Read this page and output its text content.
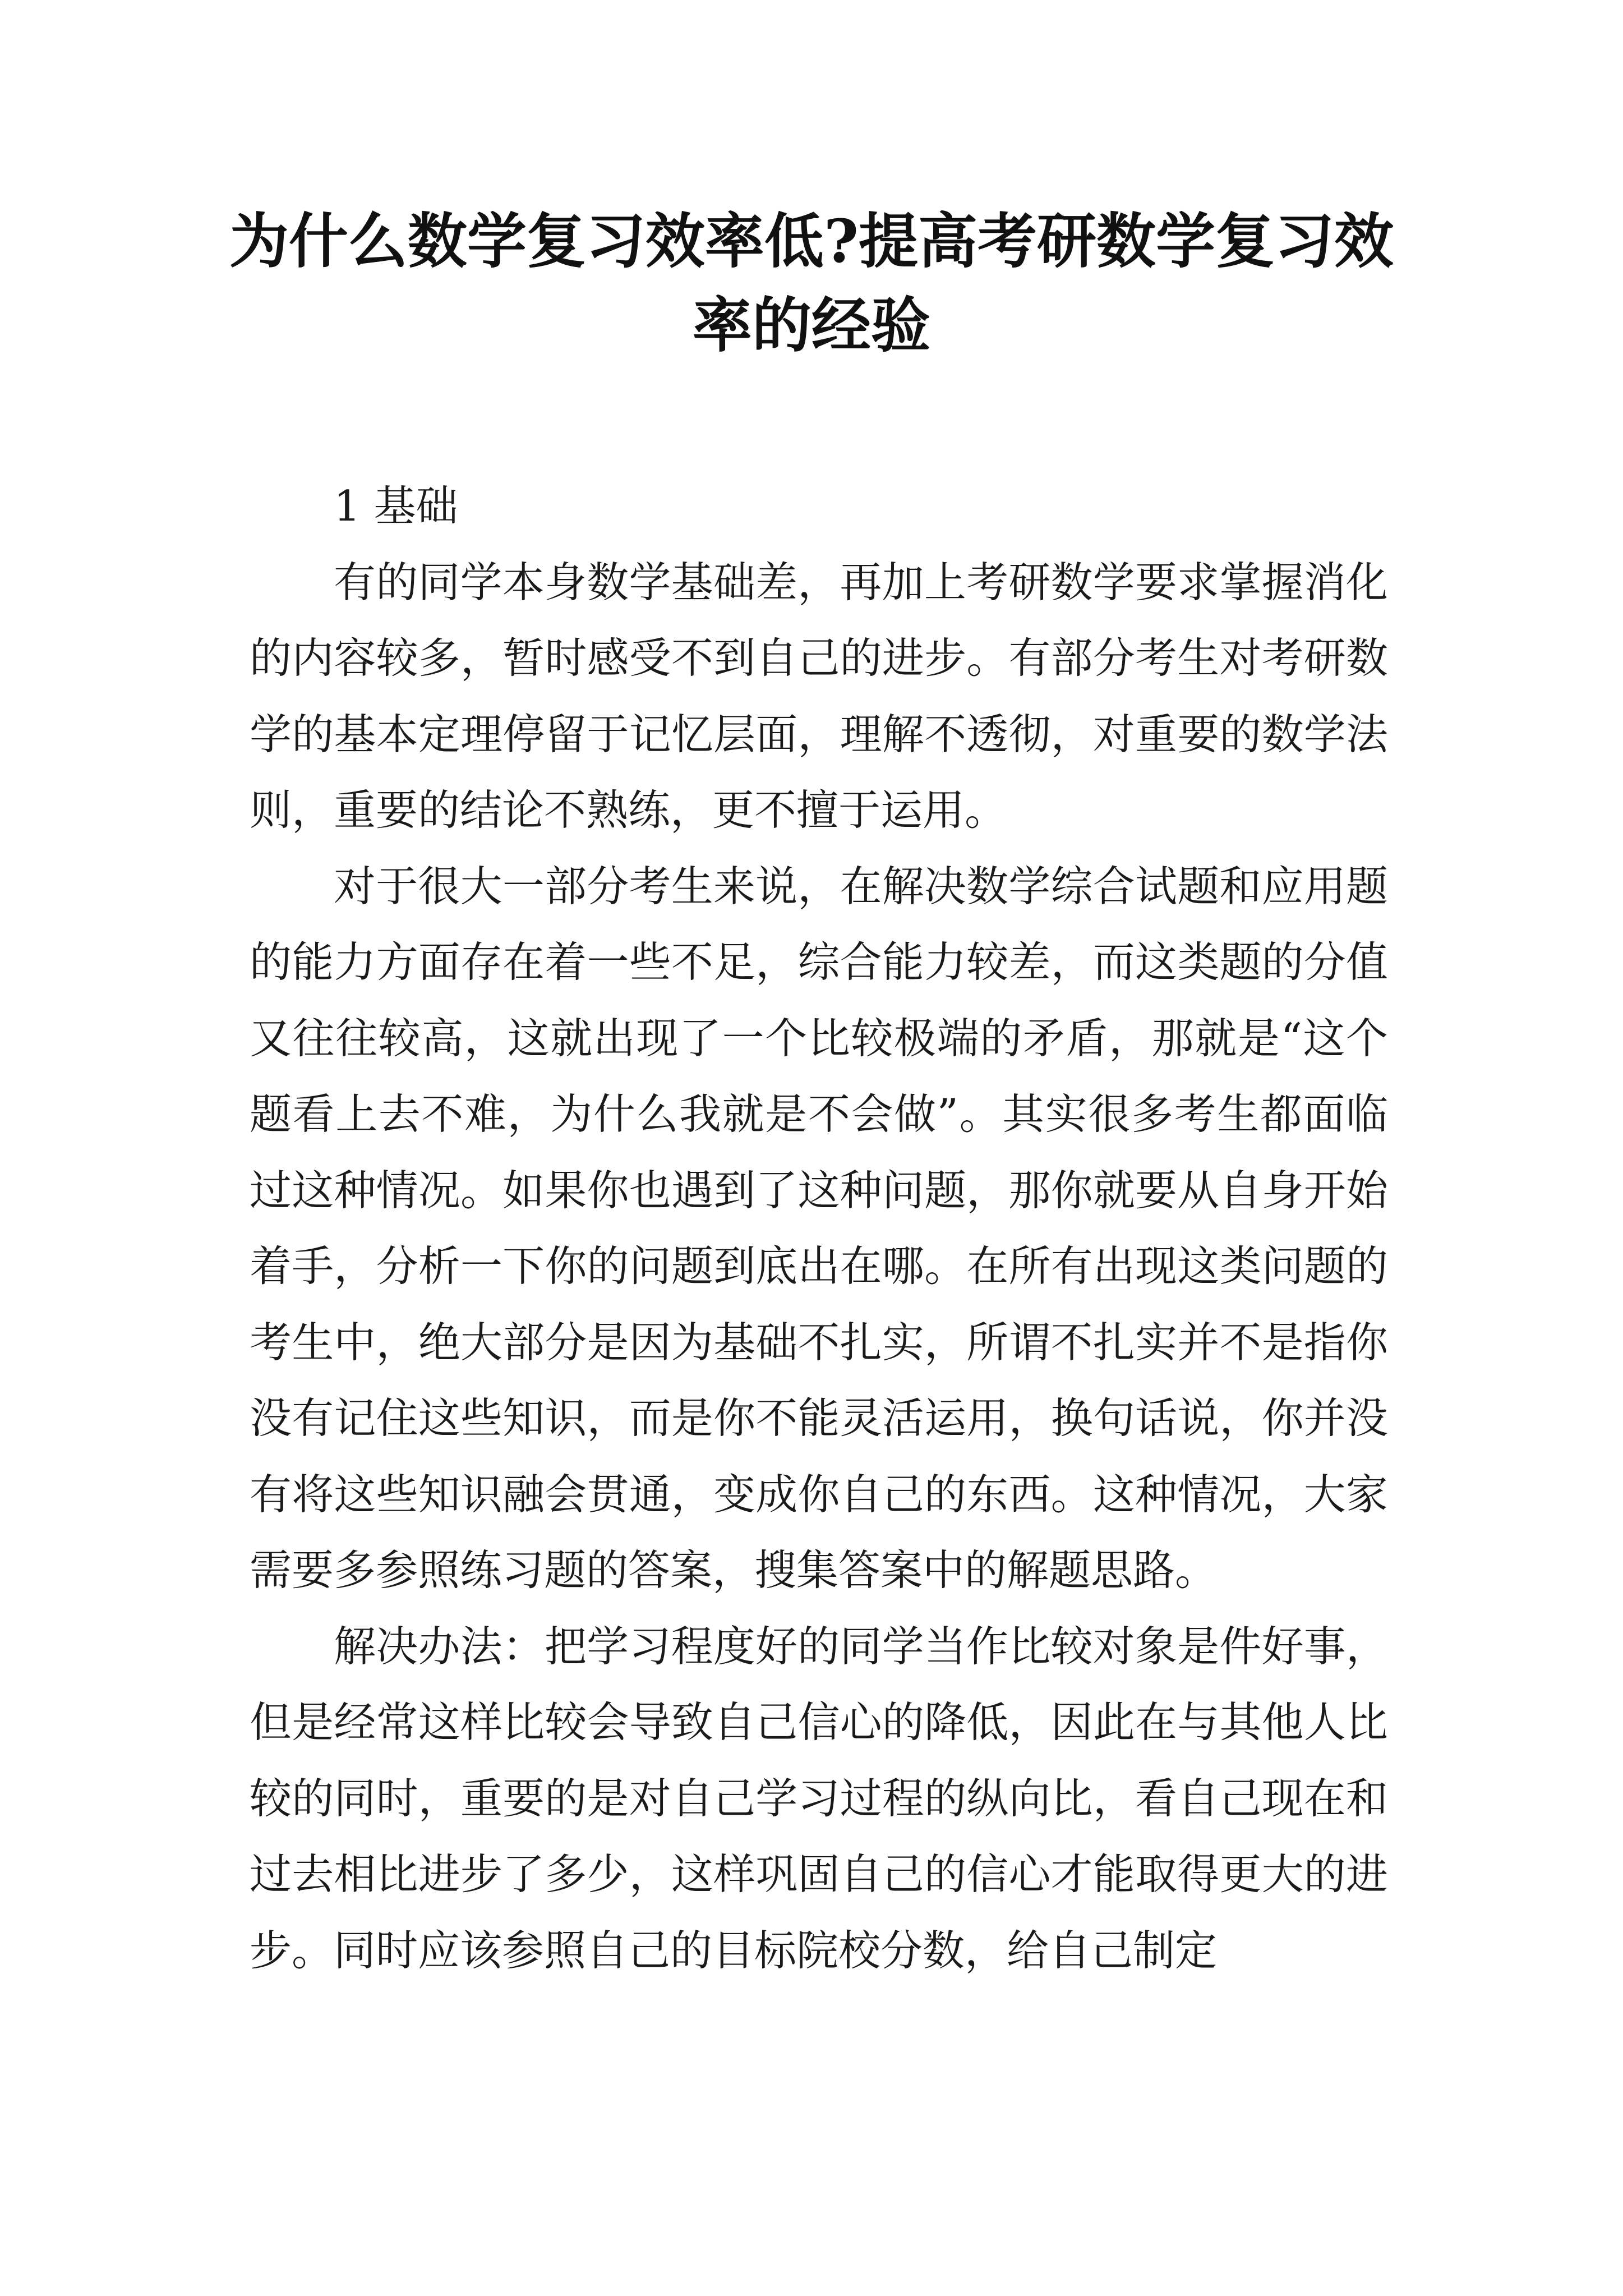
为什么数学复习效率低?提高考研数学复习效率的经验

1 基础

有的同学本身数学基础差，再加上考研数学要求掌握消化的内容较多，暂时感受不到自己的进步。有部分考生对考研数学的基本定理停留于记忆层面，理解不透彻，对重要的数学法则，重要的结论不熟练，更不擅于运用。

对于很大一部分考生来说，在解决数学综合试题和应用题的能力方面存在着一些不足，综合能力较差，而这类题的分值又往往较高，这就出现了一个比较极端的矛盾，那就是“这个题看上去不难，为什么我就是不会做”。其实很多考生都面临过这种情况。如果你也遇到了这种问题，那你就要从自身开始着手，分析一下你的问题到底出在哪。在所有出现这类问题的考生中，绝大部分是因为基础不扎实，所谓不扎实并不是指你没有记住这些知识，而是你不能灵活运用，换句话说，你并没有将这些知识融会贯通，变成你自己的东西。这种情况，大家需要多参照练习题的答案，搜集答案中的解题思路。

解决办法：把学习程度好的同学当作比较对象是件好事，但是经常这样比较会导致自己信心的降低，因此在与其他人比较的同时，重要的是对自己学习过程的纵向比，看自己现在和过去相比进步了多少，这样巩固自己的信心才能取得更大的进步。同时应该参照自己的目标院校分数，给自己制定
